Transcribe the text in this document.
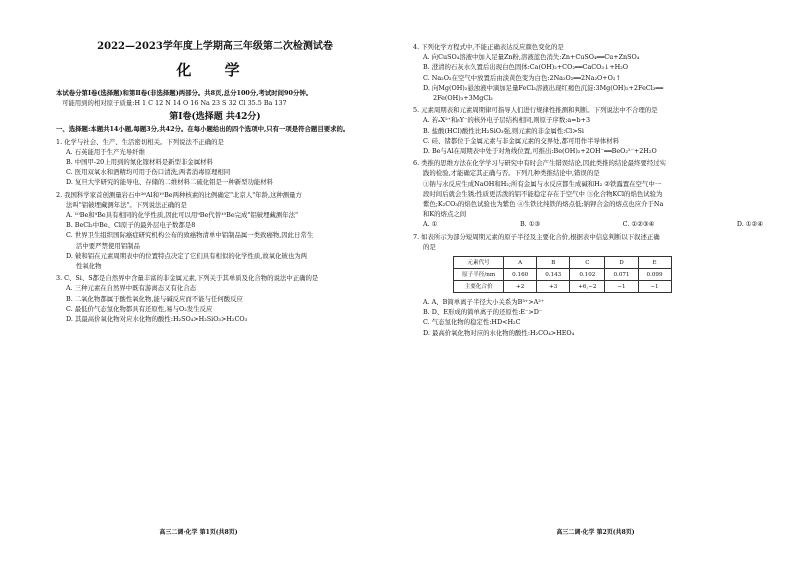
2022—2023学年度上学期高三年级第二次检测试卷
化 学
本试卷分第Ⅰ卷(选择题)和第Ⅱ卷(非选择题)两部分。共8页,总分100分,考试时间90分钟。
可能用到的相对原子质量:H 1 C 12 N 14 O 16 Na 23 S 32 Cl 35.5 Ba 137
第Ⅰ卷(选择题 共42分)
一、选择题:本题共14小题,每题3分,共42分。在每小题给出的四个选项中,只有一项是符合题目要求的。
1. 化学与社会、生产、生活密切相关。下列说法不正确的是
A. 石英能用于生产光导纤维
B. 中国甲-20上用到的氮化镓材料是新型非金属材料
C. 医用双氧水和酒精均可用于伤口清洗,两者消毒原理相同
D. 复旦大学研究的能导电、存储的二维材料二硫化钼是一种新型功能材料
2. 我国科学家首创测量岩石中²⁶Al和¹⁰Be两种核素的比例确定"北京人"年龄,这种测量方
法叫"铝铍埋藏测年法"。下列说法正确的是
A. ¹⁰Be和⁹Be具有相同的化学性质,因此可以用⁹Be代替¹⁰Be完成"铝铍埋藏测年法"
B. BeCl₂中Be、Cl原子的最外层电子数都是8
C. 世界卫生组织国际癌症研究机构公布的致癌物清单中铝制品属一类致癌物,因此日常生
活中要严禁使用铝制品
D. 铍和铝在元素周期表中的位置特点决定了它们具有相似的化学性质,故氧化铍也为两
性氧化物
3. C、Si、S都是自然界中含量丰富的非金属元素,下列关于其单质及化合物的说法中正确的是
A. 三种元素在自然界中既有游离态又有化合态
B. 二氧化物都属于酸性氧化物,能与碱反应而不能与任何酸反应
C. 最低价气态氢化物都具有还原性,易与O₂发生反应
D. 其最高价氧化物对应水化物的酸性:H₂SO₄>H₂SiO₃>H₂CO₃
高三二调·化学 第1页(共8页)
4. 下列化学方程式中,不能正确表达反应颜色变化的是
A. 向CuSO₄溶液中加入足量Zn粉,溶液蓝色消失:Zn+CuSO₄══Cu+ZnSO₄
B. 澄清的石灰水久置后出现白色固体:Ca(OH)₂+CO₂══CaCO₃↓+H₂O
C. Na₂O₂在空气中放置后由淡黄色变为白色:2Na₂O₂══2Na₂O+O₂↑
D. 向Mg(OH)₂悬浊液中滴加足量FeCl₃溶液出现红褐色沉淀:3Mg(OH)₂+2FeCl₃══
2Fe(OH)₃+3MgCl₂
5. 元素周期表和元素周期律可指导人们进行规律性推测和判断。下列说法中不合理的是
A. 若ₐX²⁺和ᵦY⁻的核外电子层结构相同,则原子序数:a=b+3
B. 盐酸(HCl)酸性比H₂SiO₃强,则元素的非金属性:Cl>Si
C. 硅、锗都位于金属元素与非金属元素的交界处,都可用作半导体材料
D. Be与Al在周期表中处于对角线位置,可推出:Be(OH)₂+2OH⁻══BeO₂²⁻+2H₂O
6. 类推的思维方法在化学学习与研究中有时会产生错误结论,因此类推的结论最终要经过实
践的检验,才能确定其正确与否。下列几种类推结论中,错误的是
①钠与水反应生成NaOH和H₂;所有金属与水反应都生成碱和H₂ ②铁露置在空气中一
段时间后就会生锈;性质更活泼的铝不能稳定存在于空气中 ③化合物KCl的焰色试验为
紫色;K₂CO₃的焰色试验也为紫色 ④生铁比纯铁的熔点低;钠钾合金的熔点也应介于Na
和K的熔点之间
A. ①	B. ①③	C. ①②③④	D. ①②④
7. 如表所示为部分短周期元素的原子半径及主要化合价,根据表中信息判断以下叙述正确
的是
元素代号	A	B	C	D	E
原子半径/nm	0.160	0.143	0.102	0.071	0.099
主要化合价	+2	+3	+6,−2	−1	−1
A. A、B简单离子半径大小关系为B³⁺>A²⁺
B. D、E形成的简单离子的还原性:E⁻>D⁻
C. 气态氢化物的稳定性:HD<H₂C
D. 最高价氧化物对应的水化物的酸性:H₂CO₄>HEO₄
高三二调·化学 第2页(共8页)
